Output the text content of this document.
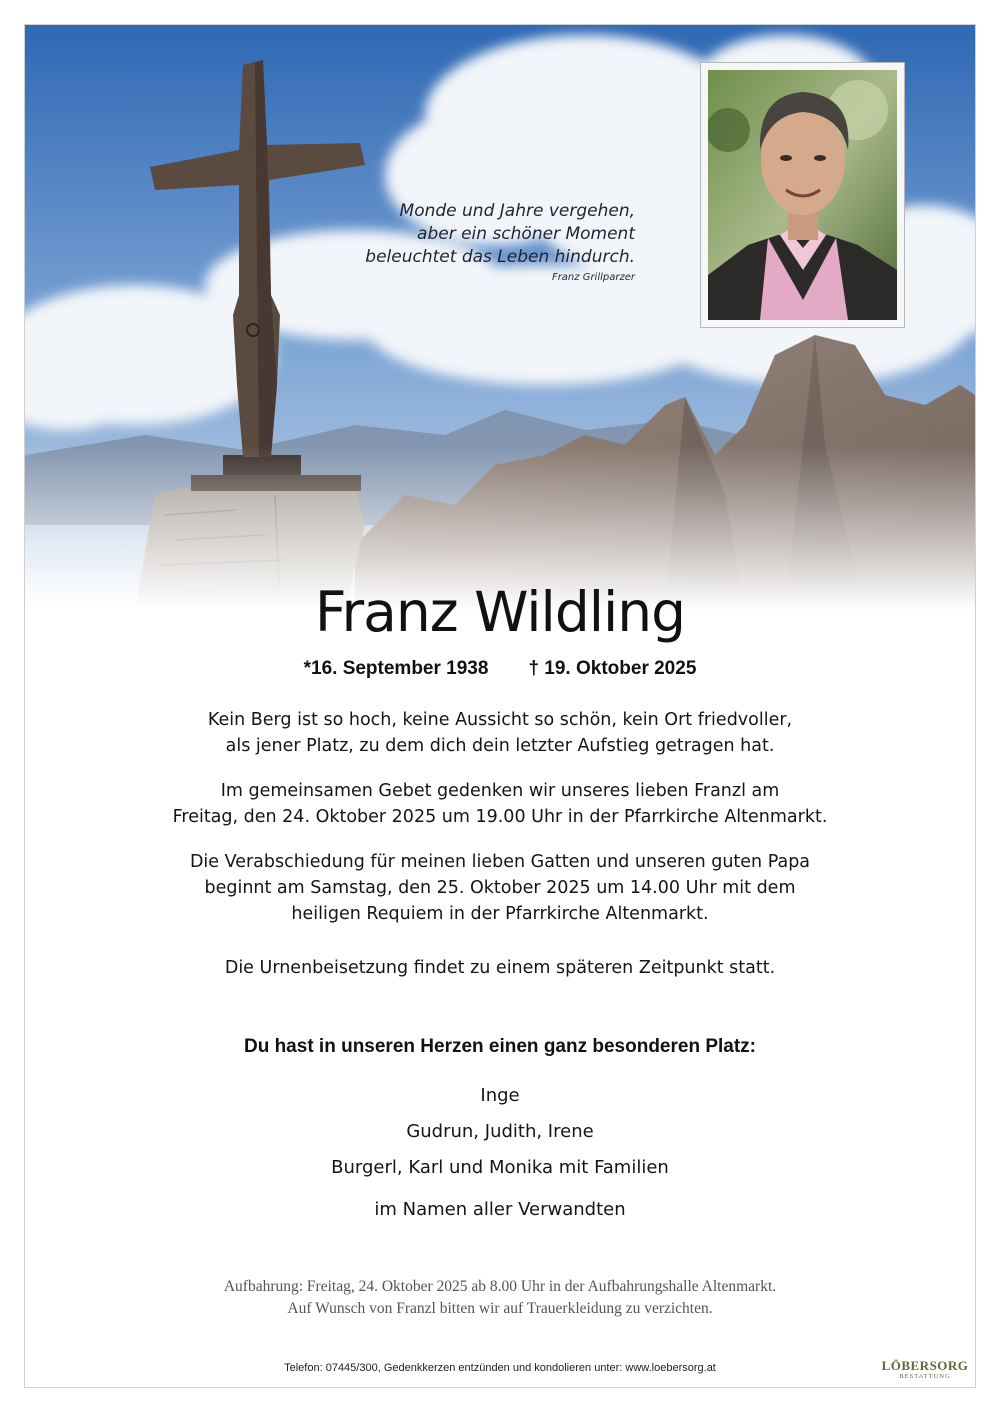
Monde und Jahre vergehen,
aber ein schöner Moment
beleuchtet das Leben hindurch.
Franz Grillparzer
Franz Wildling
*16. September 1938 † 19. Oktober 2025
Kein Berg ist so hoch, keine Aussicht so schön, kein Ort friedvoller,
als jener Platz, zu dem dich dein letzter Aufstieg getragen hat.
Im gemeinsamen Gebet gedenken wir unseres lieben Franzl am
Freitag, den 24. Oktober 2025 um 19.00 Uhr in der Pfarrkirche Altenmarkt.
Die Verabschiedung für meinen lieben Gatten und unseren guten Papa
beginnt am Samstag, den 25. Oktober 2025 um 14.00 Uhr mit dem
heiligen Requiem in der Pfarrkirche Altenmarkt.
Die Urnenbeisetzung findet zu einem späteren Zeitpunkt statt.
Du hast in unseren Herzen einen ganz besonderen Platz:
Inge
Gudrun, Judith, Irene
Burgerl, Karl und Monika mit Familien
im Namen aller Verwandten
Aufbahrung: Freitag, 24. Oktober 2025 ab 8.00 Uhr in der Aufbahrungshalle Altenmarkt.
Auf Wunsch von Franzl bitten wir auf Trauerkleidung zu verzichten.
Telefon: 07445/300, Gedenkkerzen entzünden und kondolieren unter: www.loebersorg.at	LÖBERSORG
BESTATTUNG
